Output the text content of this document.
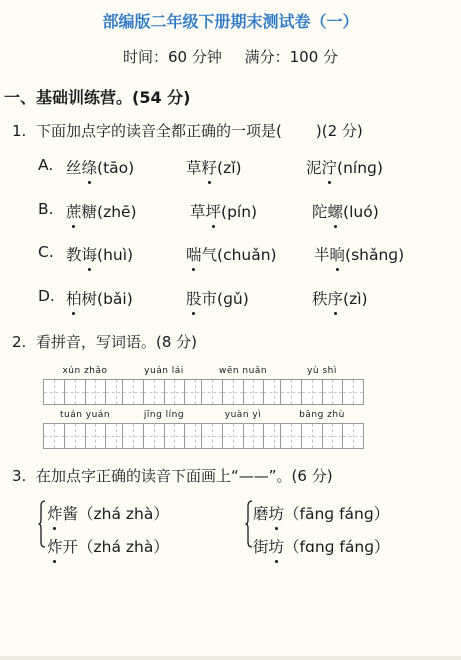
部编版二年级下册期末测试卷（一）
时间：60 分钟 满分：100 分
一、基础训练营。(54 分)
1. 下面加点字的读音全都正确的一项是( )(2 分)
A. 丝绦(tāo)	草籽(zǐ)	泥泞(nínɡ)
B. 蔗糖(zhē)	草坪(pín)	陀螺(luó)
C. 教诲(huì)	喘气(chuǎn) 半晌(shǎnɡ)
D. 柏树(bǎi)	股市(ɡǔ)	秩序(zì)
2. 看拼音，写词语。(8 分)
xún zhǎo	yuán lái	wēn nuǎn	yù shì
tuán yuán	jīnɡ línɡ	yuàn yì	bānɡ zhù
3. 在加点字正确的读音下面画上“——”。(6 分)
炸酱（zhá zhà）
炸开（zhá zhà）
磨坊（fānɡ fánɡ）
街坊（fɑnɡ fánɡ）
